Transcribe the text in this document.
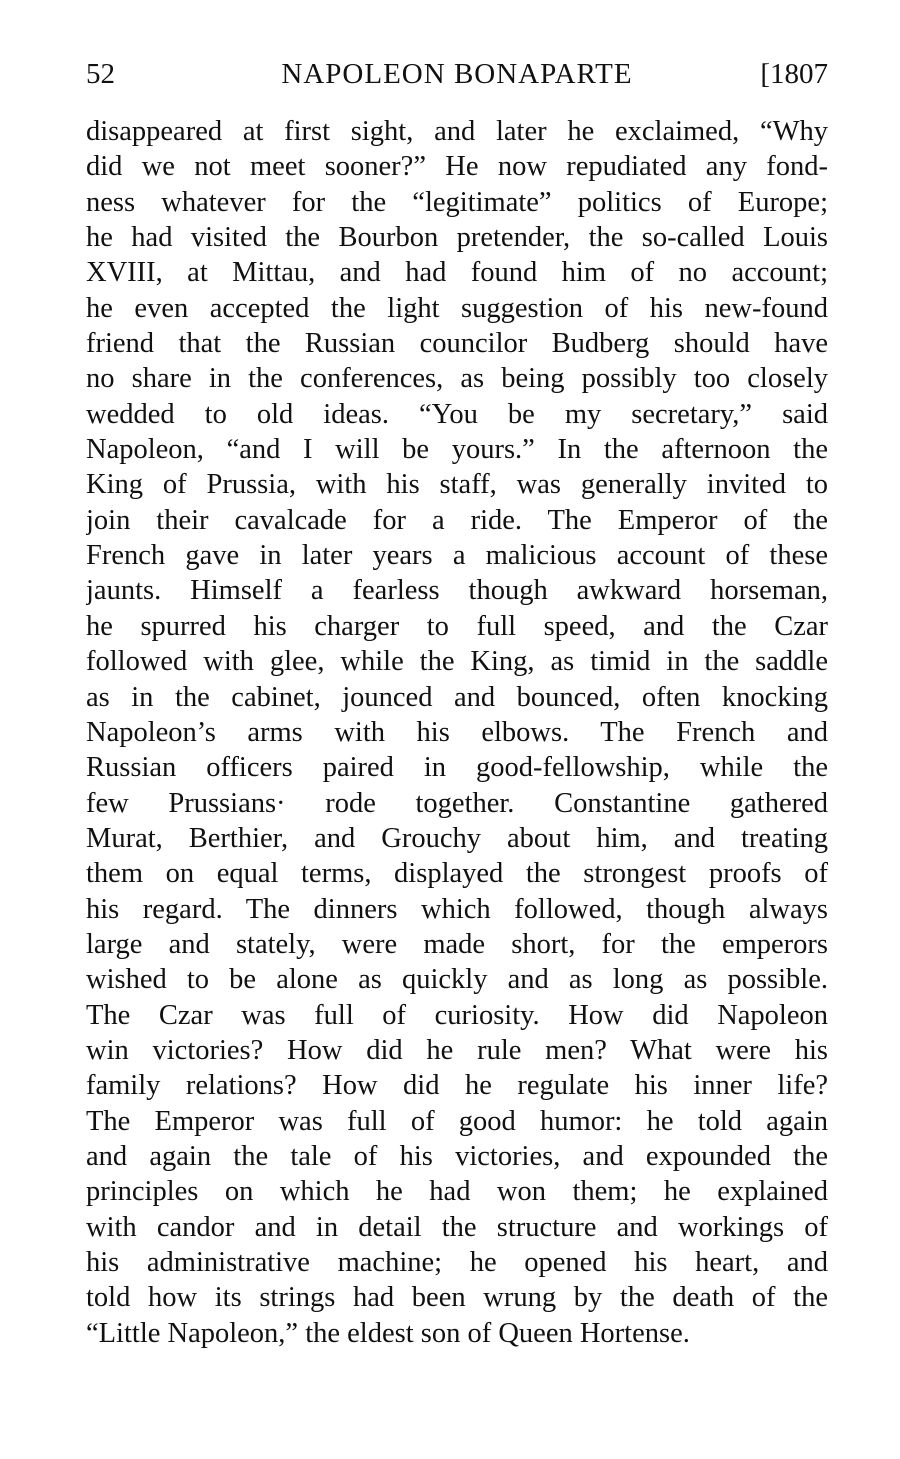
52	NAPOLEON BONAPARTE	[1807
disappeared at first sight, and later he exclaimed, “Why
did we not meet sooner?” He now repudiated any fond-
ness whatever for the “legitimate” politics of Europe;
he had visited the Bourbon pretender, the so-called Louis
XVIII, at Mittau, and had found him of no account;
he even accepted the light suggestion of his new-found
friend that the Russian councilor Budberg should have
no share in the conferences, as being possibly too closely
wedded to old ideas. “You be my secretary,” said
Napoleon, “and I will be yours.” In the afternoon the
King of Prussia, with his staff, was generally invited to
join their cavalcade for a ride. The Emperor of the
French gave in later years a malicious account of these
jaunts. Himself a fearless though awkward horseman,
he spurred his charger to full speed, and the Czar
followed with glee, while the King, as timid in the saddle
as in the cabinet, jounced and bounced, often knocking
Napoleon’s arms with his elbows. The French and
Russian officers paired in good-fellowship, while the
few Prussians· rode together. Constantine gathered
Murat, Berthier, and Grouchy about him, and treating
them on equal terms, displayed the strongest proofs of
his regard. The dinners which followed, though always
large and stately, were made short, for the emperors
wished to be alone as quickly and as long as possible.
The Czar was full of curiosity. How did Napoleon
win victories? How did he rule men? What were his
family relations? How did he regulate his inner life?
The Emperor was full of good humor: he told again
and again the tale of his victories, and expounded the
principles on which he had won them; he explained
with candor and in detail the structure and workings of
his administrative machine; he opened his heart, and
told how its strings had been wrung by the death of the
“Little Napoleon,” the eldest son of Queen Hortense.
